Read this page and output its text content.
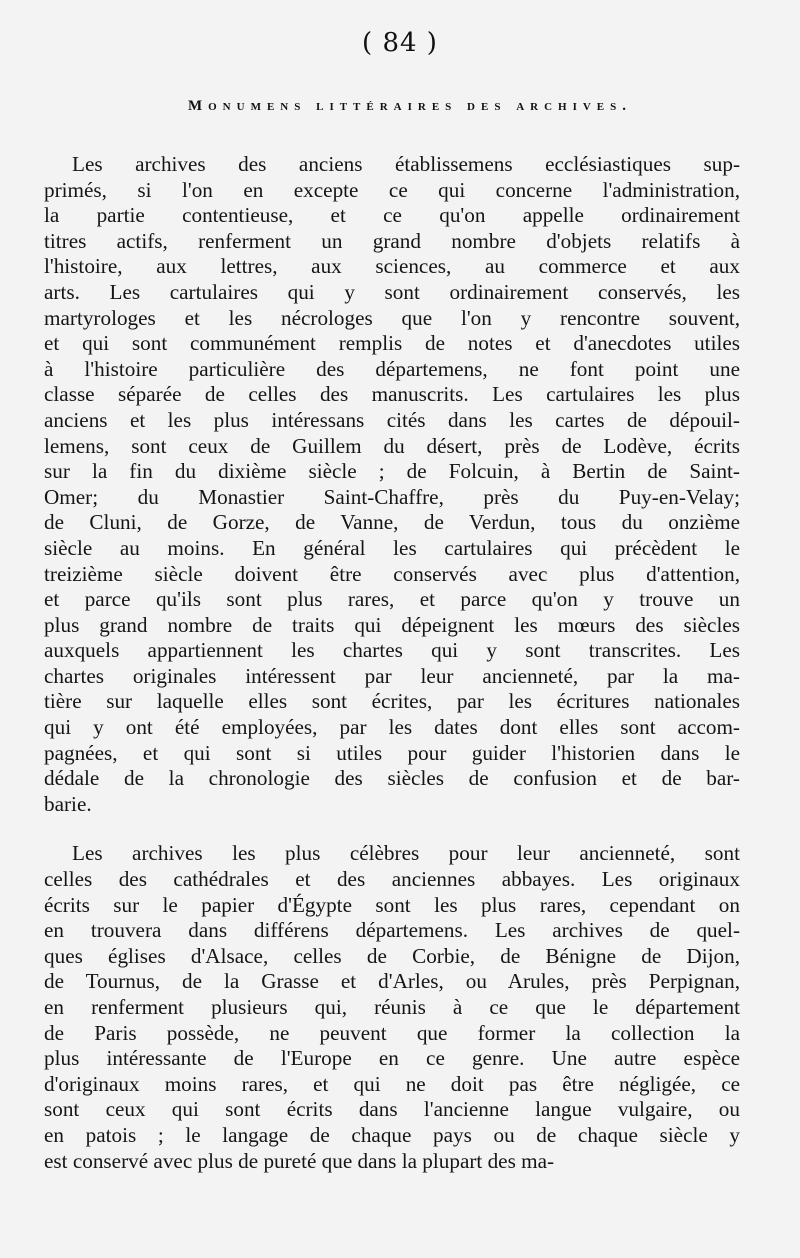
( 84 )
Monumens littéraires des archives.
Les archives des anciens établissemens ecclésiastiques sup-
primés, si l'on en excepte ce qui concerne l'administration,
la partie contentieuse, et ce qu'on appelle ordinairement
titres actifs, renferment un grand nombre d'objets relatifs à
l'histoire, aux lettres, aux sciences, au commerce et aux
arts. Les cartulaires qui y sont ordinairement conservés, les
martyrologes et les nécrologes que l'on y rencontre souvent,
et qui sont communément remplis de notes et d'anecdotes utiles
à l'histoire particulière des départemens, ne font point une
classe séparée de celles des manuscrits. Les cartulaires les plus
anciens et les plus intéressans cités dans les cartes de dépouil-
lemens, sont ceux de Guillem du désert, près de Lodève, écrits
sur la fin du dixième siècle ; de Folcuin, à Bertin de Saint-
Omer; du Monastier Saint-Chaffre, près du Puy-en-Velay;
de Cluni, de Gorze, de Vanne, de Verdun, tous du onzième
siècle au moins. En général les cartulaires qui précèdent le
treizième siècle doivent être conservés avec plus d'attention,
et parce qu'ils sont plus rares, et parce qu'on y trouve un
plus grand nombre de traits qui dépeignent les mœurs des siècles
auxquels appartiennent les chartes qui y sont transcrites. Les
chartes originales intéressent par leur ancienneté, par la ma-
tière sur laquelle elles sont écrites, par les écritures nationales
qui y ont été employées, par les dates dont elles sont accom-
pagnées, et qui sont si utiles pour guider l'historien dans le
dédale de la chronologie des siècles de confusion et de bar-
barie.
Les archives les plus célèbres pour leur ancienneté, sont
celles des cathédrales et des anciennes abbayes. Les originaux
écrits sur le papier d'Égypte sont les plus rares, cependant on
en trouvera dans différens départemens. Les archives de quel-
ques églises d'Alsace, celles de Corbie, de Bénigne de Dijon,
de Tournus, de la Grasse et d'Arles, ou Arules, près Perpignan,
en renferment plusieurs qui, réunis à ce que le département
de Paris possède, ne peuvent que former la collection la
plus intéressante de l'Europe en ce genre. Une autre espèce
d'originaux moins rares, et qui ne doit pas être négligée, ce
sont ceux qui sont écrits dans l'ancienne langue vulgaire, ou
en patois ; le langage de chaque pays ou de chaque siècle y
est conservé avec plus de pureté que dans la plupart des ma-
